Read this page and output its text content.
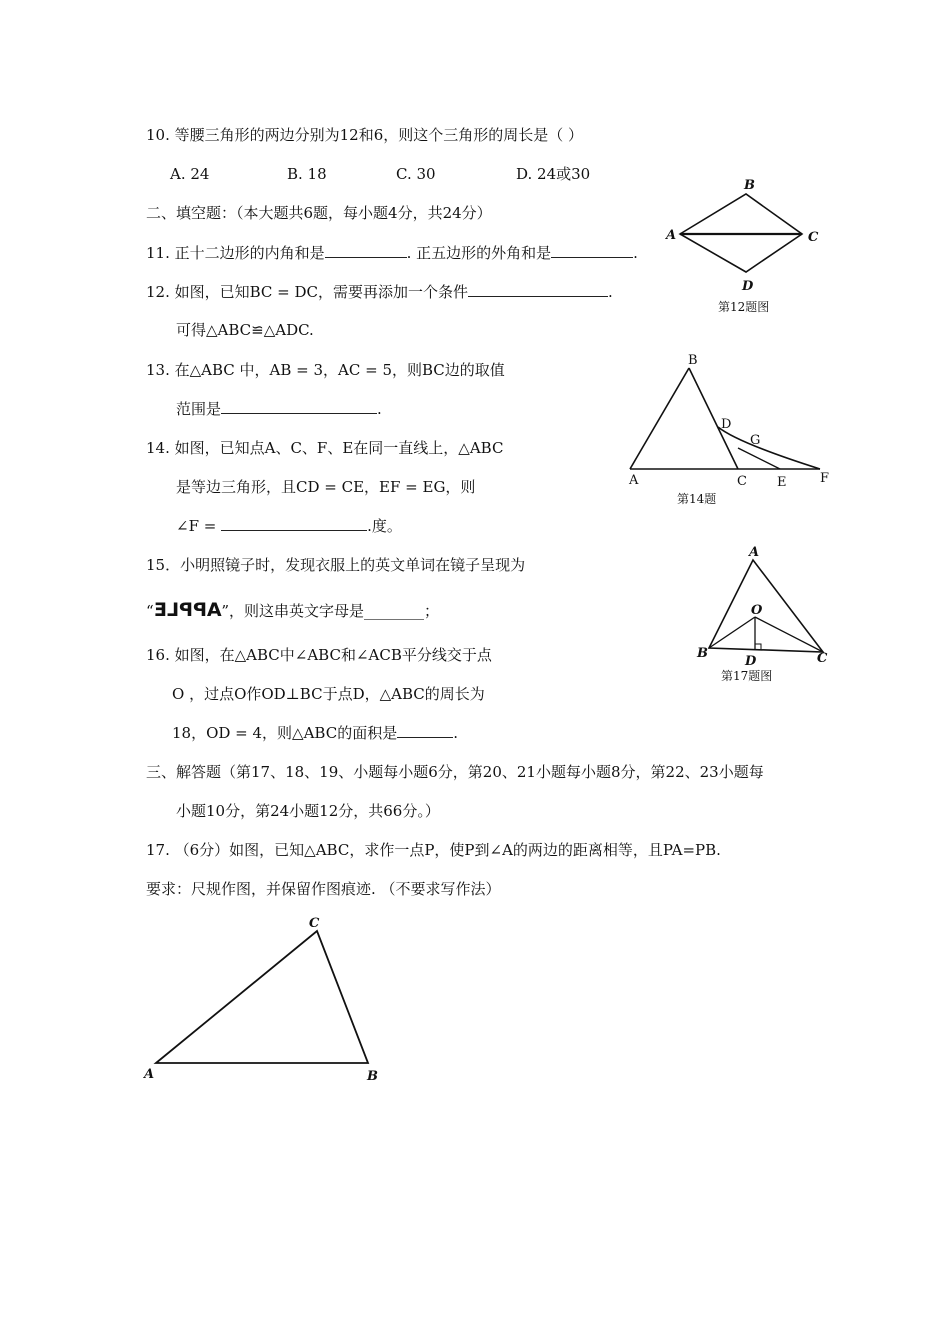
10. 等腰三角形的两边分别为12和6，则这个三角形的周长是（ ）
A. 24	B. 18	C. 30	D. 24或30
二、填空题：（本大题共6题，每小题4分，共24分）
11. 正十二边形的内角和是	. 正五边形的外角和是	.
12. 如图，已知BC = DC，需要再添加一个条件	.
可得△ABC≌△ADC.
13. 在△ABC 中，AB = 3，AC = 5，则BC边的取值
范围是	.
14. 如图，已知点A、C、F、E在同一直线上，△ABC
是等边三角形，且CD = CE，EF = EG，则
∠F =	.度。
15．小明照镜子时，发现衣服上的英文单词在镜子呈现为
“APPLE”，则这串英文字母是________；
16. 如图，在△ABC中∠ABC和∠ACB平分线交于点
O ，过点O作OD⊥BC于点D，△ABC的周长为
18，OD = 4，则△ABC的面积是	.
三、解答题（第17、18、19、小题每小题6分，第20、21小题每小题8分，第22、23小题每
小题10分，第24小题12分，共66分。）
17. （6分）如图，已知△ABC，求作一点P，使P到∠A的两边的距离相等，且PA=PB.
要求：尺规作图，并保留作图痕迹. （不要求写作法）
B
A	C
D
第12题图
B
D
G
A	C E	F
第14题
A
O
B	C
D
第17题图
C
A	B
